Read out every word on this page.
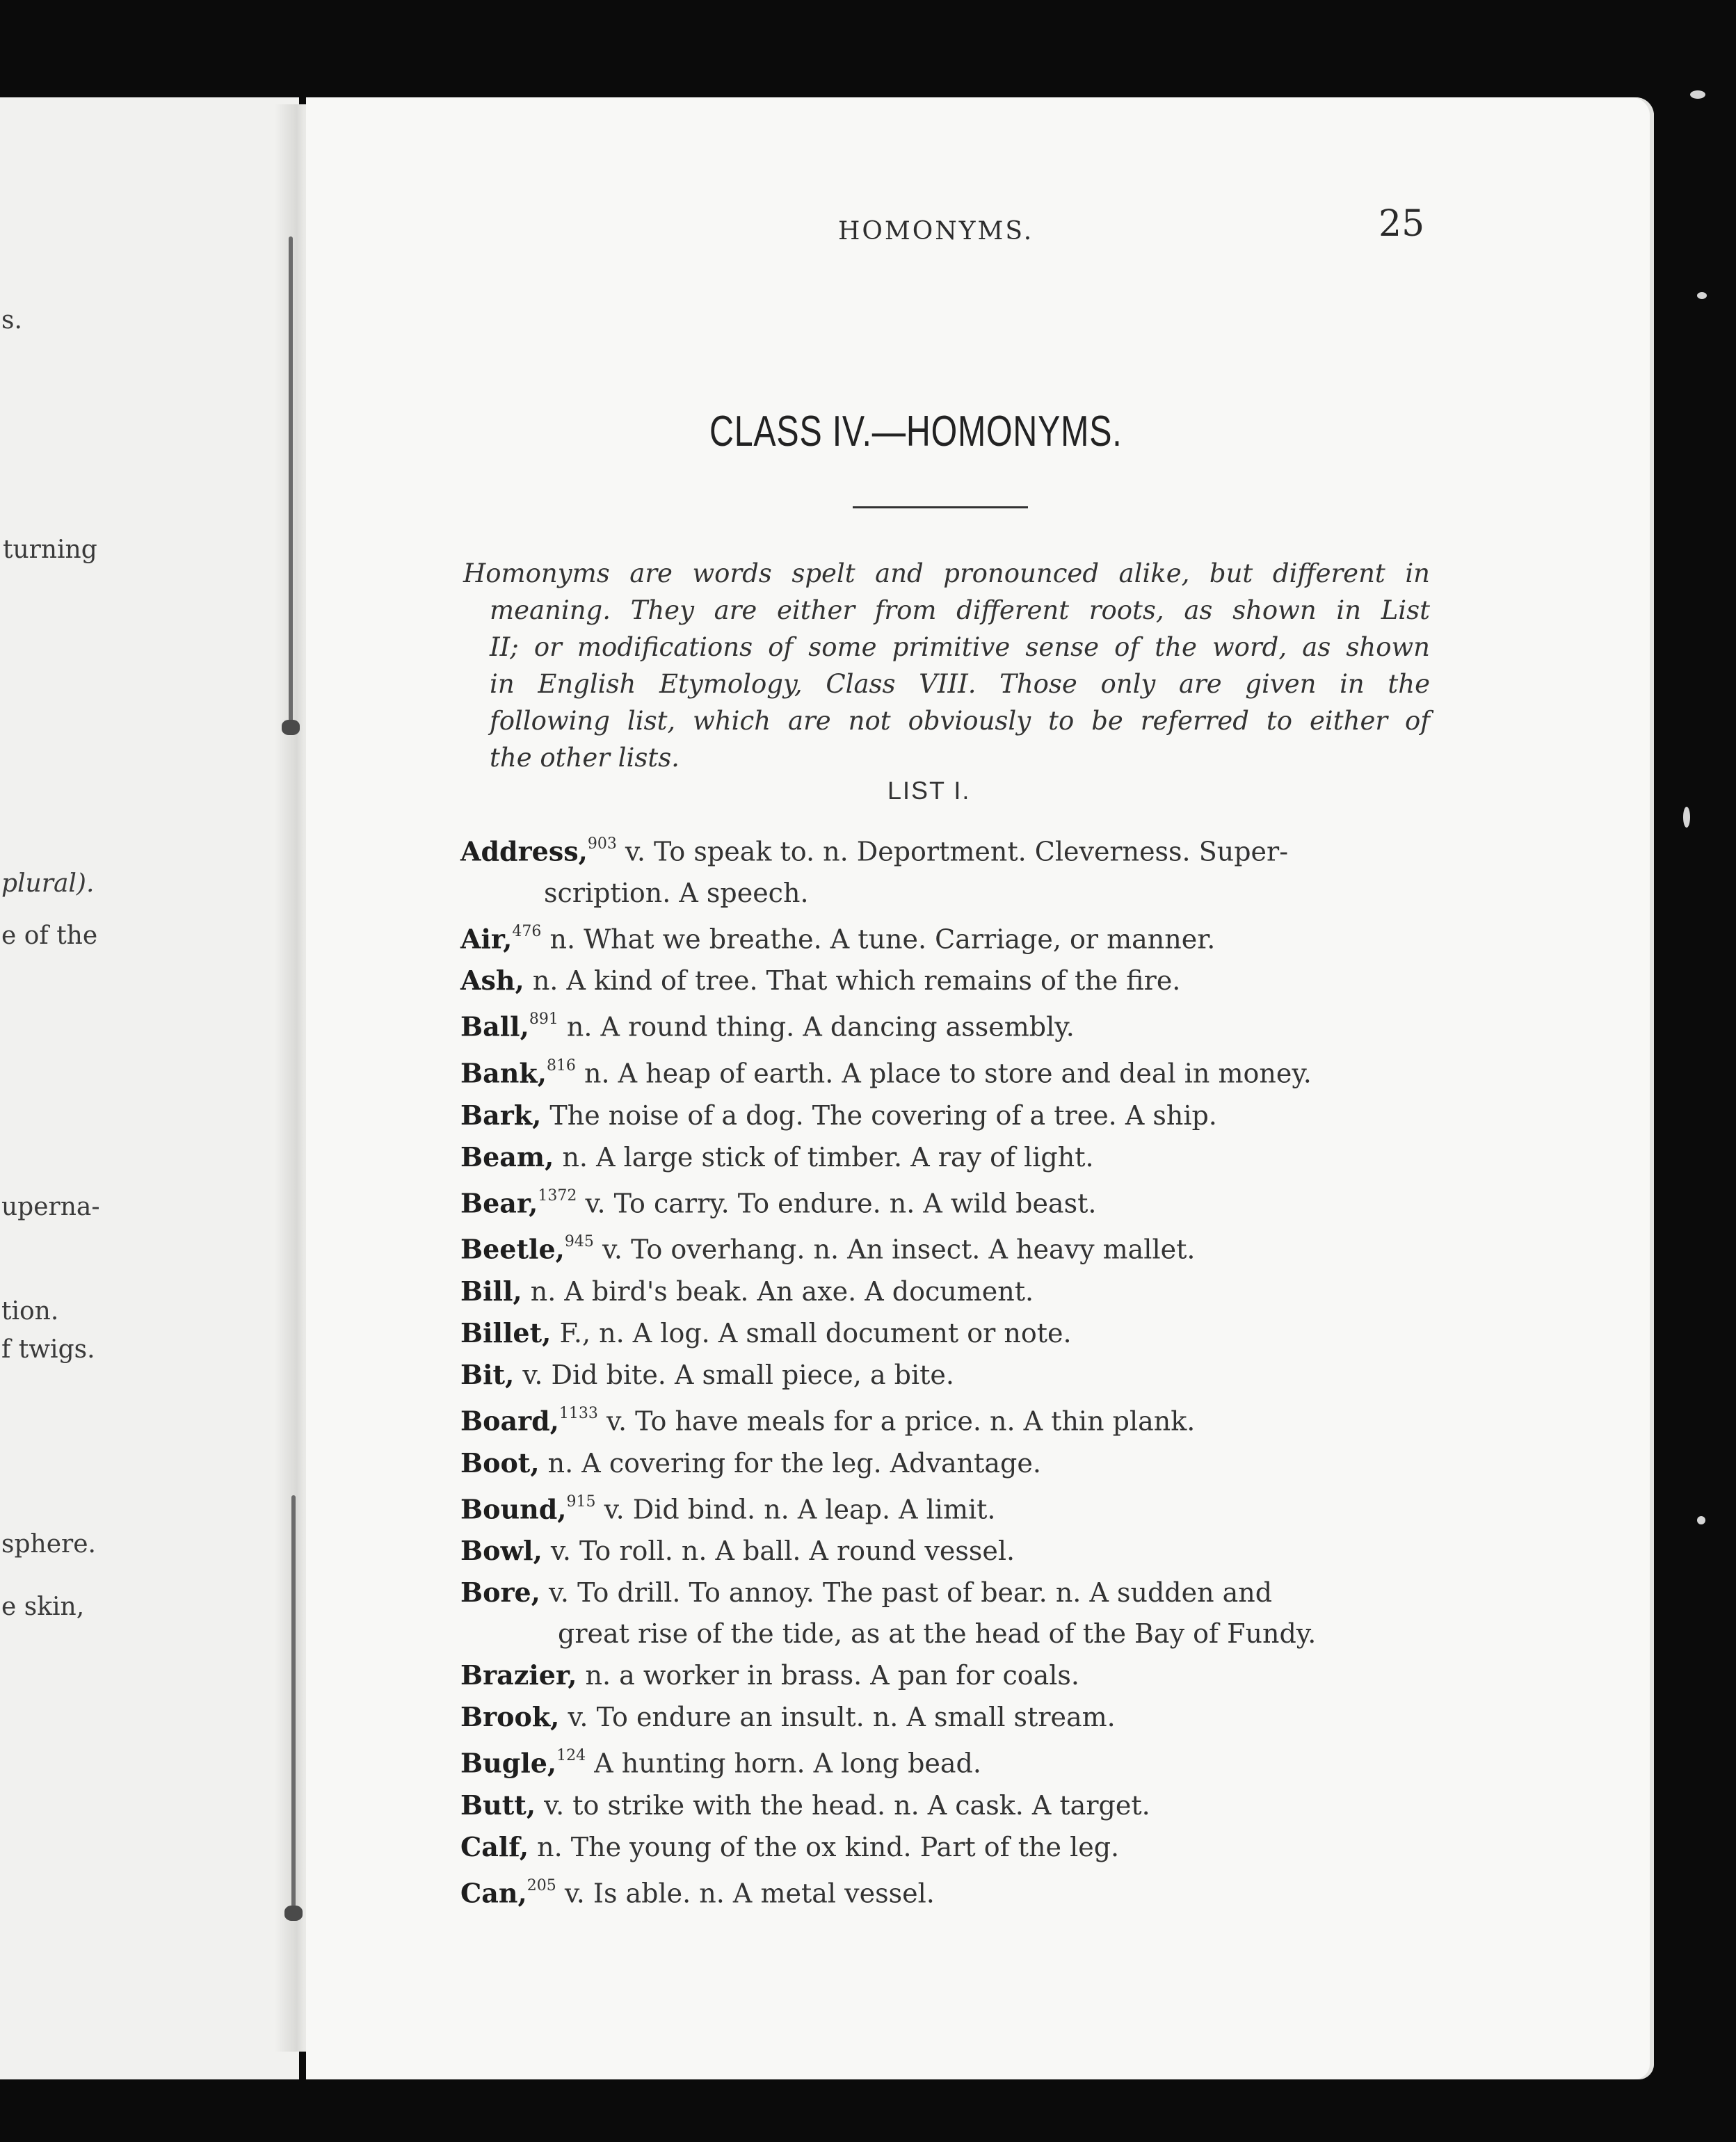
s.
turning
plural).
e of the
uperna-
tion.
f twigs.
sphere.
e skin,
HOMONYMS.	25
CLASS IV.—HOMONYMS.
Homonyms are words spelt and pronounced alike, but different in
meaning. They are either from different roots, as shown in List
II; or modifications of some primitive sense of the word, as shown
in English Etymology, Class VIII. Those only are given in the
following list, which are not obviously to be referred to either of
the other lists.
LIST I.
Address,$^{903}$ v. To speak to. n. Deportment. Cleverness. Super-
scription. A speech.
Air,$^{476}$ n. What we breathe. A tune. Carriage, or manner.
Ash, n. A kind of tree. That which remains of the fire.
Ball,$^{891}$ n. A round thing. A dancing assembly.
Bank,$^{816}$ n. A heap of earth. A place to store and deal in money.
Bark, The noise of a dog. The covering of a tree. A ship.
Beam, n. A large stick of timber. A ray of light.
Bear,$^{1372}$ v. To carry. To endure. n. A wild beast.
Beetle,$^{945}$ v. To overhang. n. An insect. A heavy mallet.
Bill, n. A bird's beak. An axe. A document.
Billet, F., n. A log. A small document or note.
Bit, v. Did bite. A small piece, a bite.
Board,$^{1133}$ v. To have meals for a price. n. A thin plank.
Boot, n. A covering for the leg. Advantage.
Bound,$^{915}$ v. Did bind. n. A leap. A limit.
Bowl, v. To roll. n. A ball. A round vessel.
Bore, v. To drill. To annoy. The past of bear. n. A sudden and
great rise of the tide, as at the head of the Bay of Fundy.
Brazier, n. a worker in brass. A pan for coals.
Brook, v. To endure an insult. n. A small stream.
Bugle,$^{124}$ A hunting horn. A long bead.
Butt, v. to strike with the head. n. A cask. A target.
Calf, n. The young of the ox kind. Part of the leg.
Can,$^{205}$ v. Is able. n. A metal vessel.
